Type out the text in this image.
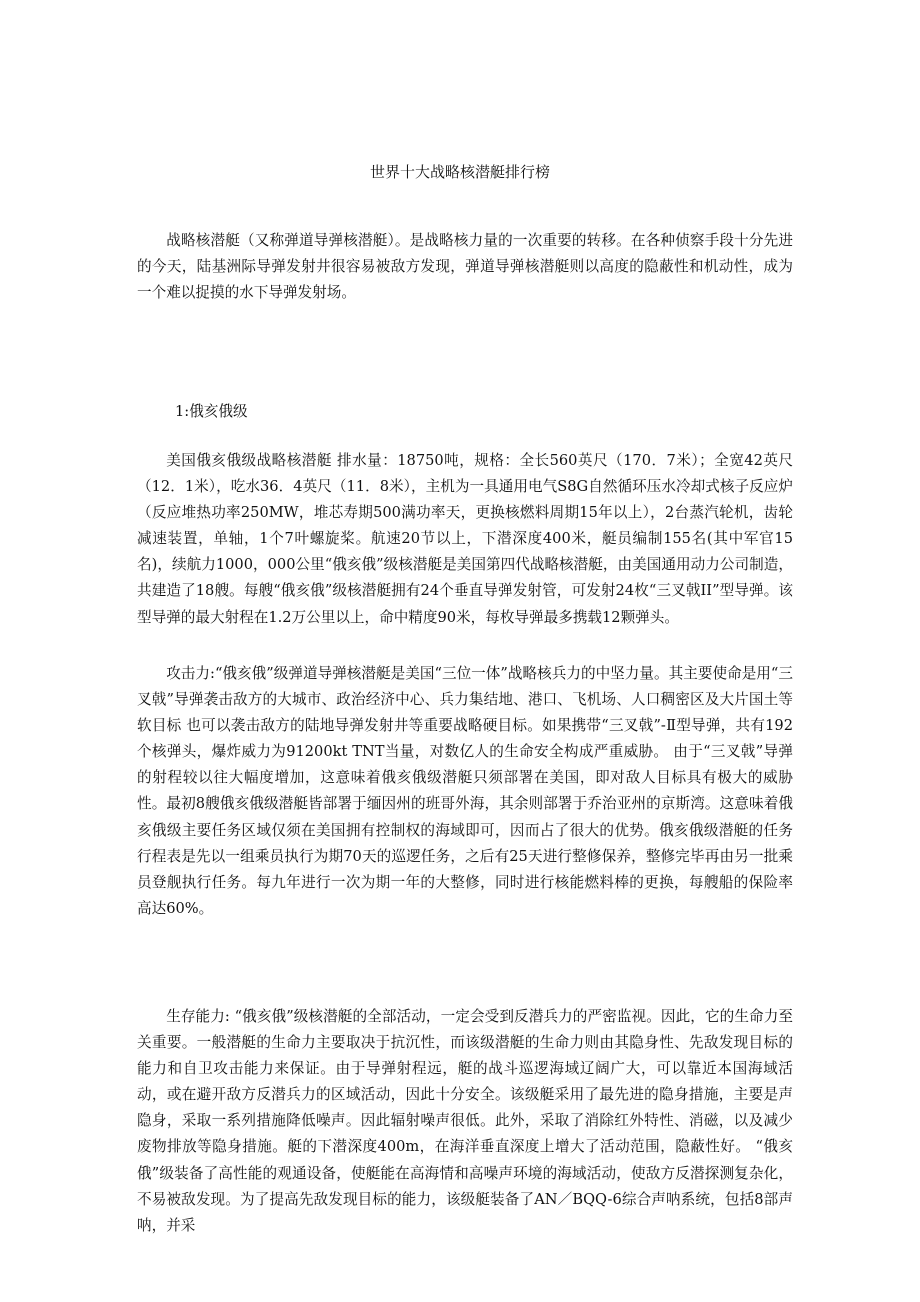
世界十大战略核潜艇排行榜

战略核潜艇（又称弹道导弹核潜艇）。是战略核力量的一次重要的转移。在各种侦察手段十分先进的今天，陆基洲际导弹发射井很容易被敌方发现，弹道导弹核潜艇则以高度的隐蔽性和机动性，成为一个难以捉摸的水下导弹发射场。

1:俄亥俄级

美国俄亥俄级战略核潜艇 排水量：18750吨，规格：全长560英尺（170．7米）；全宽42英尺（12．1米），吃水36．4英尺（11．8米），主机为一具通用电气S8G自然循环压水冷却式核子反应炉（反应堆热功率250MW，堆芯寿期500满功率天，更换核燃料周期15年以上），2台蒸汽轮机，齿轮减速装置，单轴，1个7叶螺旋桨。航速20节以上，下潜深度400米，艇员编制155名(其中军官15名)，续航力1000，000公里“俄亥俄”级核潜艇是美国第四代战略核潜艇，由美国通用动力公司制造，共建造了18艘。每艘“俄亥俄”级核潜艇拥有24个垂直导弹发射管，可发射24枚“三叉戟II”型导弹。该型导弹的最大射程在1.2万公里以上，命中精度90米，每枚导弹最多携载12颗弹头。

攻击力:“俄亥俄”级弹道导弹核潜艇是美国“三位一体”战略核兵力的中坚力量。其主要使命是用“三叉戟”导弹袭击敌方的大城市、政治经济中心、兵力集结地、港口、飞机场、人口稠密区及大片国土等软目标 也可以袭击敌方的陆地导弹发射井等重要战略硬目标。如果携带“三叉戟”-Ⅱ型导弹，共有192个核弹头，爆炸威力为91200kt TNT当量，对数亿人的生命安全构成严重威胁。 由于“三叉戟”导弹的射程较以往大幅度增加，这意味着俄亥俄级潜艇只须部署在美国，即对敌人目标具有极大的威胁性。最初8艘俄亥俄级潜艇皆部署于缅因州的班哥外海，其余则部署于乔治亚州的京斯湾。这意味着俄亥俄级主要任务区域仅须在美国拥有控制权的海域即可，因而占了很大的优势。俄亥俄级潜艇的任务行程表是先以一组乘员执行为期70天的巡逻任务，之后有25天进行整修保养，整修完毕再由另一批乘员登舰执行任务。每九年进行一次为期一年的大整修，同时进行核能燃料棒的更换，每艘船的保险率高达60%。

生存能力: “俄亥俄”级核潜艇的全部活动，一定会受到反潜兵力的严密监视。因此，它的生命力至关重要。一般潜艇的生命力主要取决于抗沉性，而该级潜艇的生命力则由其隐身性、先敌发现目标的能力和自卫攻击能力来保证。由于导弹射程远，艇的战斗巡逻海域辽阔广大，可以靠近本国海域活动，或在避开敌方反潜兵力的区域活动，因此十分安全。该级艇采用了最先进的隐身措施，主要是声隐身，采取一系列措施降低噪声。因此辐射噪声很低。此外，采取了消除红外特性、消磁，以及减少废物排放等隐身措施。艇的下潜深度400m，在海洋垂直深度上增大了活动范围，隐蔽性好。 “俄亥俄”级装备了高性能的观通设备，使艇能在高海情和高噪声环境的海域活动，使敌方反潜探测复杂化，不易被敌发现。为了提高先敌发现目标的能力，该级艇装备了AN／BQQ-6综合声呐系统，包括8部声呐，并采
